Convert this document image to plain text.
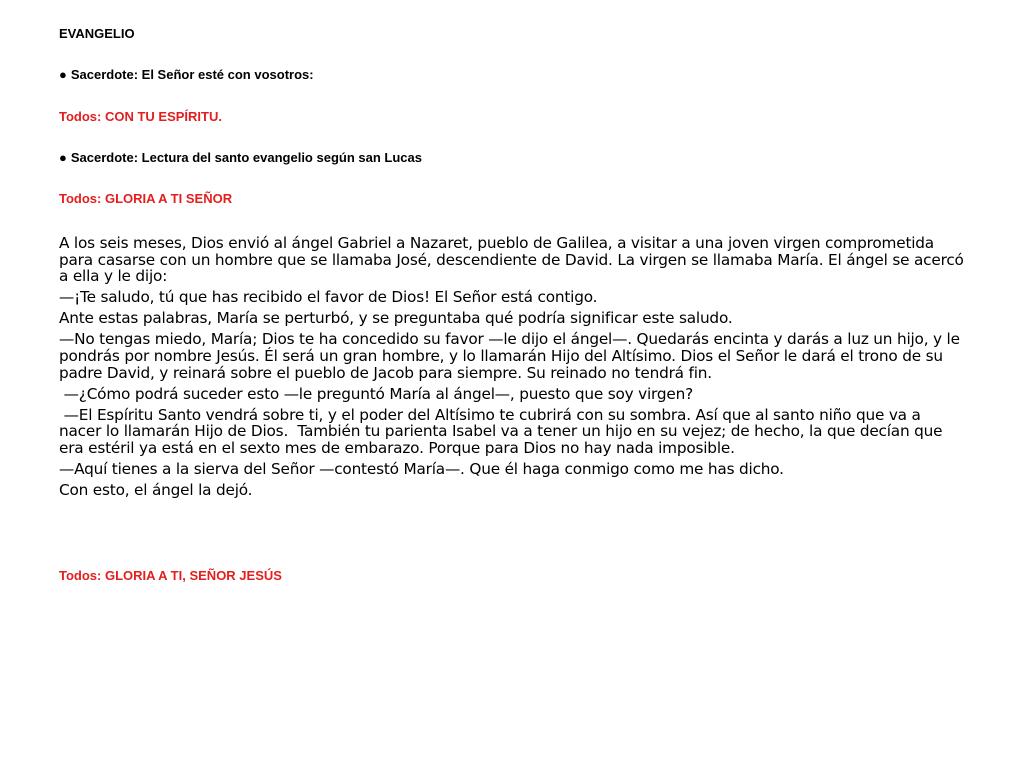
EVANGELIO
● Sacerdote: El Señor esté con vosotros:
Todos: CON TU ESPÍRITU.
● Sacerdote: Lectura del santo evangelio según san Lucas
Todos: GLORIA A TI SEÑOR

A los seis meses, Dios envió al ángel Gabriel a Nazaret, pueblo de Galilea, a visitar a una joven virgen comprometida para casarse con un hombre que se llamaba José, descendiente de David. La virgen se llamaba María. El ángel se acercó a ella y le dijo:

—¡Te saludo, tú que has recibido el favor de Dios! El Señor está contigo.

Ante estas palabras, María se perturbó, y se preguntaba qué podría significar este saludo.

—No tengas miedo, María; Dios te ha concedido su favor —le dijo el ángel—. Quedarás encinta y darás a luz un hijo, y le pondrás por nombre Jesús. Él será un gran hombre, y lo llamarán Hijo del Altísimo. Dios el Señor le dará el trono de su padre David, y reinará sobre el pueblo de Jacob para siempre. Su reinado no tendrá fin.

—¿Cómo podrá suceder esto —le preguntó María al ángel—, puesto que soy virgen?

—El Espíritu Santo vendrá sobre ti, y el poder del Altísimo te cubrirá con su sombra. Así que al santo niño que va a nacer lo llamarán Hijo de Dios.  También tu parienta Isabel va a tener un hijo en su vejez; de hecho, la que decían que era estéril ya está en el sexto mes de embarazo. Porque para Dios no hay nada imposible.

—Aquí tienes a la sierva del Señor —contestó María—. Que él haga conmigo como me has dicho.

Con esto, el ángel la dejó.

Todos: GLORIA A TI, SEÑOR JESÚS
